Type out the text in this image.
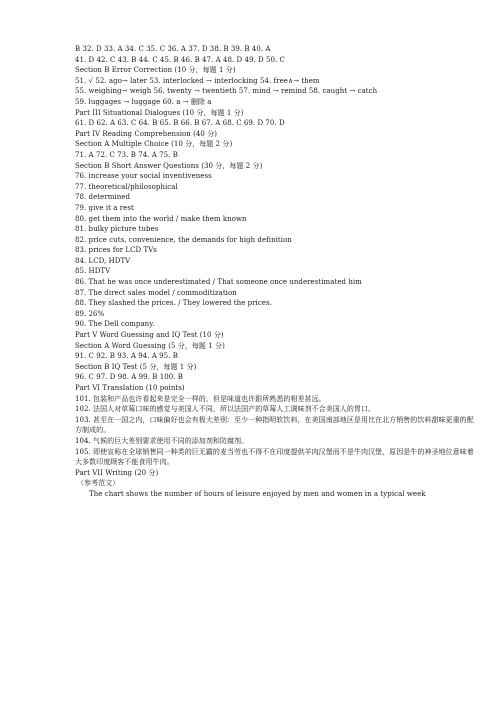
B 32. D 33. A 34. C 35. C 36. A 37. D 38. B 39. B 40. A
41. D 42. C 43. B 44. C 45. B 46. B 47. A 48. D 49. D 50. C
Section B Error Correction (10 分，每题 1 分)
51. √ 52. ago→ later 53. interlocked → interlocking 54. free∧→ them
55. weighing→ weigh 56. twenty → twentieth 57. mind → remind 58. caught → catch
59. luggages → luggage 60. a → 删除 a
Part III Situational Dialogues (10 分，每题 1 分)
61. D 62. A 63. C 64. B 65. B 66. B 67. A 68. C 69. D 70. D
Part IV Reading Comprehension (40 分)
Section A Multiple Choice (10 分，每题 2 分)
71. A 72. C 73. B 74. A 75. B
Section B Short Answer Questions (30 分，每题 2 分)
76. increase your social inventiveness
77. theoretical/philosophical
78. determined
79. give it a rest
80. get them into the world / make them known
81. bulky picture tubes
82. price cuts, convenience, the demands for high definition
83. prices for LCD TVs
84. LCD, HDTV
85. HDTV
86. That he was once underestimated / That someone once underestimated him
87. The direct sales model / commoditization
88. They slashed the prices. / They lowered the prices.
89. 26%
90. The Dell company.
Part V Word Guessing and IQ Test (10 分)
Section A Word Guessing (5 分，每题 1 分)
91. C 92. B 93. A 94. A 95. B
Section B IQ Test (5 分，每题 1 分)
96. C 97. D 98. A 99. B 100. B
Part VI Translation (10 points)
101. 包装和产品也许看起来是完全一样的，但是味道也许跟所熟悉的相差甚远。
102. 法国人对草莓口味的感觉与美国人不同，所以法国产的草莓人工调味剂不合美国人的胃口。
103. 甚至在一国之内，口味偏好也会有极大差别：至少一种指明软饮料，在美国南部地区是用比在北方销售的饮料甜味更重的配方制成的。
104. 气候的巨大差别要求使用不同的添加剂和防腐剂。
105. 即使宣称在全球销售同一种类的巨无霸的麦当劳也不得不在印度提供羊肉汉堡而不是牛肉汉堡，原因是牛的神圣地位意味着大多数印度顾客不能食用牛肉。
Part VII Writing (20 分)
（参考范文）
The chart shows the number of hours of leisure enjoyed by men and women in a typical week
